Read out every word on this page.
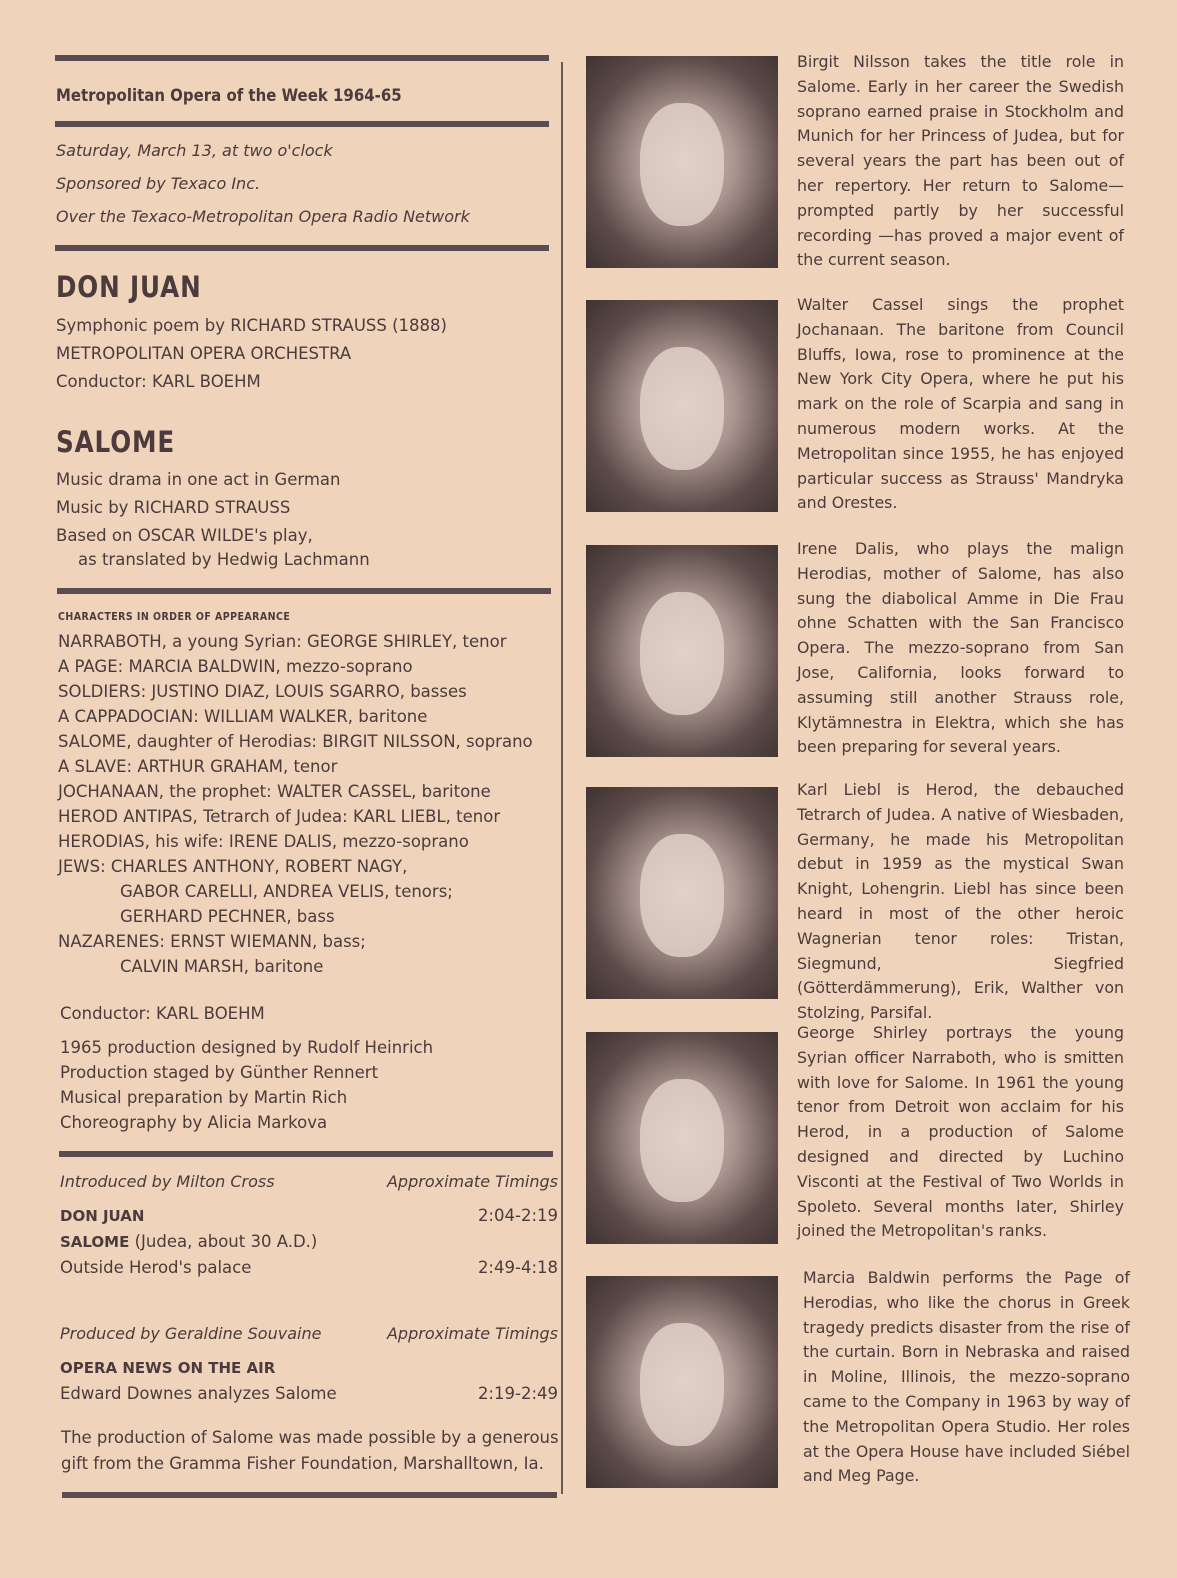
Metropolitan Opera of the Week 1964-65
Saturday, March 13, at two o'clock
Sponsored by Texaco Inc.
Over the Texaco-Metropolitan Opera Radio Network
DON JUAN
Symphonic poem by RICHARD STRAUSS (1888)
METROPOLITAN OPERA ORCHESTRA
Conductor: KARL BOEHM
SALOME
Music drama in one act in German
Music by RICHARD STRAUSS
Based on OSCAR WILDE's play,
as translated by Hedwig Lachmann
CHARACTERS IN ORDER OF APPEARANCE
NARRABOTH, a young Syrian: GEORGE SHIRLEY, tenor
A PAGE: MARCIA BALDWIN, mezzo-soprano
SOLDIERS: JUSTINO DIAZ, LOUIS SGARRO, basses
A CAPPADOCIAN: WILLIAM WALKER, baritone
SALOME, daughter of Herodias: BIRGIT NILSSON, soprano
A SLAVE: ARTHUR GRAHAM, tenor
JOCHANAAN, the prophet: WALTER CASSEL, baritone
HEROD ANTIPAS, Tetrarch of Judea: KARL LIEBL, tenor
HERODIAS, his wife: IRENE DALIS, mezzo-soprano
JEWS: CHARLES ANTHONY, ROBERT NAGY,
GABOR CARELLI, ANDREA VELIS, tenors;
GERHARD PECHNER, bass
NAZARENES: ERNST WIEMANN, bass;
CALVIN MARSH, baritone
Conductor: KARL BOEHM
1965 production designed by Rudolf Heinrich
Production staged by Günther Rennert
Musical preparation by Martin Rich
Choreography by Alicia Markova
Introduced by Milton Cross	Approximate Timings
DON JUAN	2:04-2:19
SALOME (Judea, about 30 A.D.)
Outside Herod's palace	2:49-4:18
Produced by Geraldine Souvaine	Approximate Timings
OPERA NEWS ON THE AIR
Edward Downes analyzes Salome	2:19-2:49
The production of Salome was made possible by a generous gift from the Gramma Fisher Foundation, Marshalltown, Ia.
Birgit Nilsson takes the title role in Salome. Early in her career the Swedish soprano earned praise in Stockholm and Munich for her Princess of Judea, but for several years the part has been out of her repertory. Her return to Salome—prompted partly by her successful recording —has proved a major event of the current season.
Walter Cassel sings the prophet Jochanaan. The baritone from Council Bluffs, Iowa, rose to prominence at the New York City Opera, where he put his mark on the role of Scarpia and sang in numerous modern works. At the Metropolitan since 1955, he has enjoyed particular success as Strauss' Mandryka and Orestes.
Irene Dalis, who plays the malign Herodias, mother of Salome, has also sung the diabolical Amme in Die Frau ohne Schatten with the San Francisco Opera. The mezzo-soprano from San Jose, California, looks forward to assuming still another Strauss role, Klytämnestra in Elektra, which she has been preparing for several years.
Karl Liebl is Herod, the debauched Tetrarch of Judea. A native of Wiesbaden, Germany, he made his Metropolitan debut in 1959 as the mystical Swan Knight, Lohengrin. Liebl has since been heard in most of the other heroic Wagnerian tenor roles: Tristan, Siegmund, Siegfried (Götterdämmerung), Erik, Walther von Stolzing, Parsifal.
George Shirley portrays the young Syrian officer Narraboth, who is smitten with love for Salome. In 1961 the young tenor from Detroit won acclaim for his Herod, in a production of Salome designed and directed by Luchino Visconti at the Festival of Two Worlds in Spoleto. Several months later, Shirley joined the Metropolitan's ranks.
Marcia Baldwin performs the Page of Herodias, who like the chorus in Greek tragedy predicts disaster from the rise of the curtain. Born in Nebraska and raised in Moline, Illinois, the mezzo-soprano came to the Company in 1963 by way of the Metropolitan Opera Studio. Her roles at the Opera House have included Siébel and Meg Page.
